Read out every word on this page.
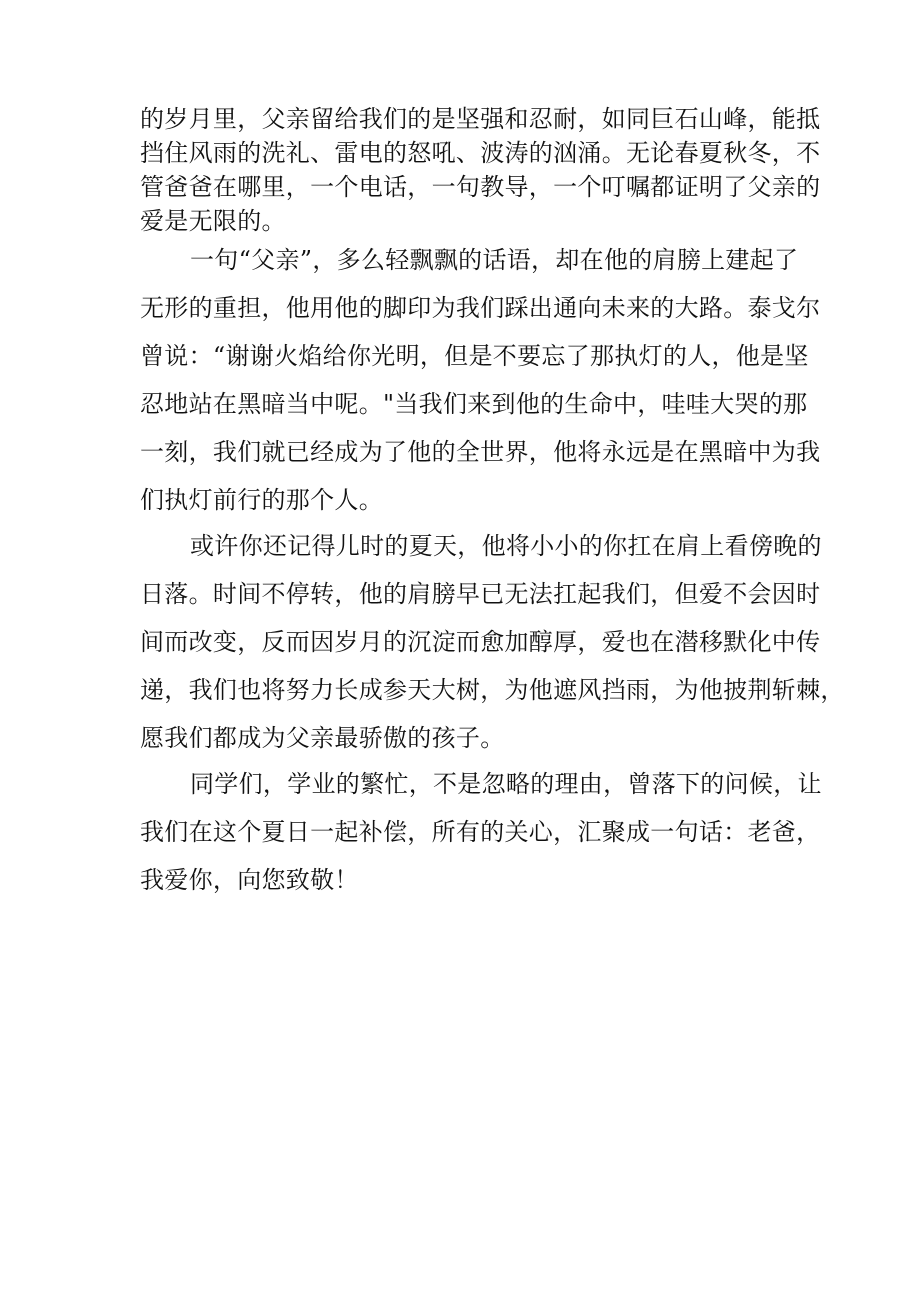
的岁月里，父亲留给我们的是坚强和忍耐，如同巨石山峰，能抵
挡住风雨的洗礼、雷电的怒吼、波涛的汹涌。无论春夏秋冬，不
管爸爸在哪里，一个电话，一句教导，一个叮嘱都证明了父亲的
爱是无限的。
一句“父亲”，多么轻飘飘的话语，却在他的肩膀上建起了
无形的重担，他用他的脚印为我们踩出通向未来的大路。泰戈尔
曾说：“谢谢火焰给你光明，但是不要忘了那执灯的人，他是坚
忍地站在黑暗当中呢。"当我们来到他的生命中，哇哇大哭的那
一刻，我们就已经成为了他的全世界，他将永远是在黑暗中为我
们执灯前行的那个人。
或许你还记得儿时的夏天，他将小小的你扛在肩上看傍晚的
日落。时间不停转，他的肩膀早已无法扛起我们，但爱不会因时
间而改变，反而因岁月的沉淀而愈加醇厚，爱也在潜移默化中传
递，我们也将努力长成参天大树，为他遮风挡雨，为他披荆斩棘，
愿我们都成为父亲最骄傲的孩子。
同学们，学业的繁忙，不是忽略的理由，曾落下的问候，让
我们在这个夏日一起补偿，所有的关心，汇聚成一句话：老爸，
我爱你，向您致敬！
